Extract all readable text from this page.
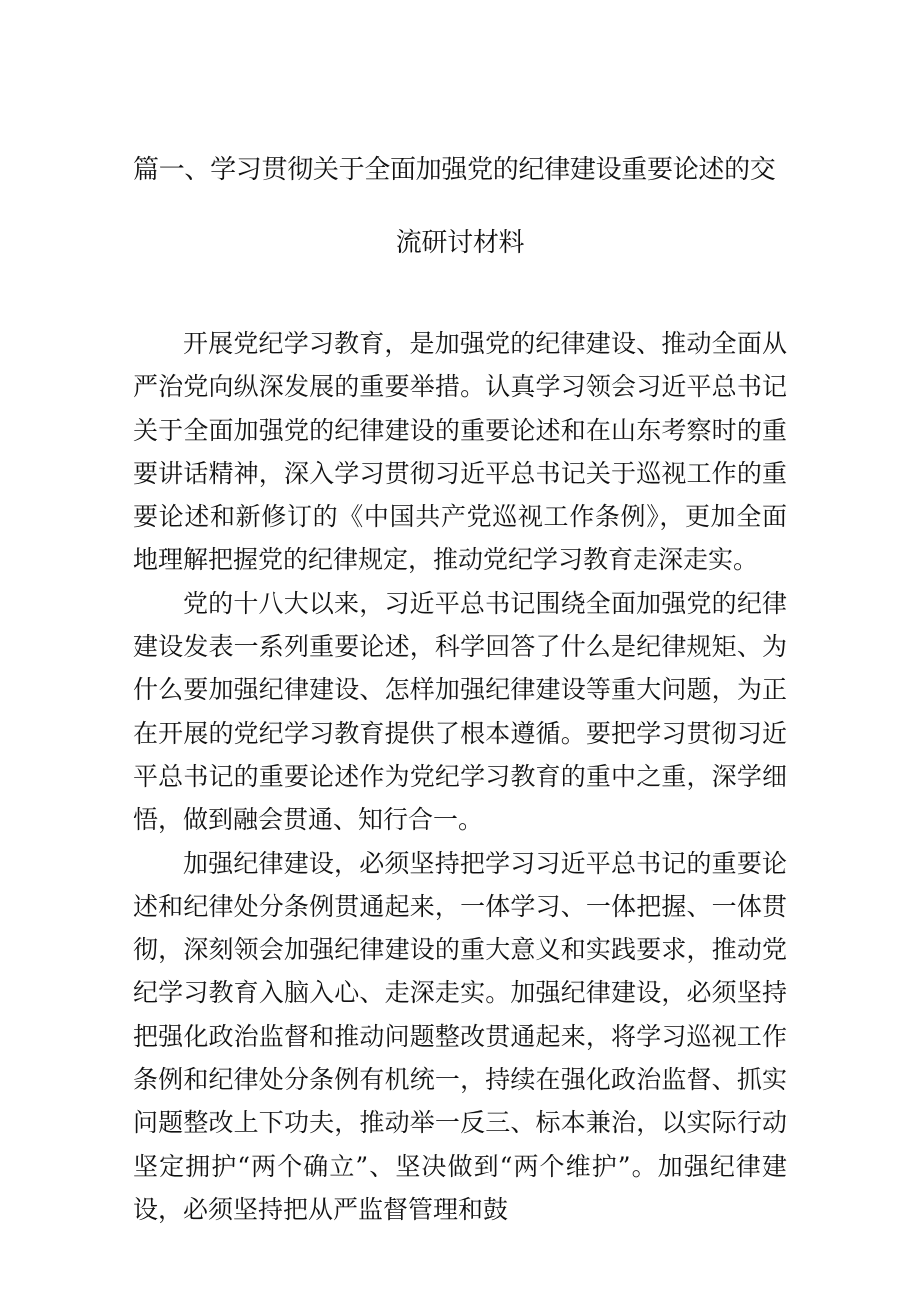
篇一、学习贯彻关于全面加强党的纪律建设重要论述的交
流研讨材料

开展党纪学习教育，是加强党的纪律建设、推动全面从严治党向纵深发展的重要举措。认真学习领会习近平总书记关于全面加强党的纪律建设的重要论述和在山东考察时的重要讲话精神，深入学习贯彻习近平总书记关于巡视工作的重要论述和新修订的《中国共产党巡视工作条例》，更加全面地理解把握党的纪律规定，推动党纪学习教育走深走实。

党的十八大以来，习近平总书记围绕全面加强党的纪律建设发表一系列重要论述，科学回答了什么是纪律规矩、为什么要加强纪律建设、怎样加强纪律建设等重大问题，为正在开展的党纪学习教育提供了根本遵循。要把学习贯彻习近平总书记的重要论述作为党纪学习教育的重中之重，深学细悟，做到融会贯通、知行合一。

加强纪律建设，必须坚持把学习习近平总书记的重要论述和纪律处分条例贯通起来，一体学习、一体把握、一体贯彻，深刻领会加强纪律建设的重大意义和实践要求，推动党纪学习教育入脑入心、走深走实。加强纪律建设，必须坚持把强化政治监督和推动问题整改贯通起来，将学习巡视工作条例和纪律处分条例有机统一，持续在强化政治监督、抓实问题整改上下功夫，推动举一反三、标本兼治，以实际行动坚定拥护“两个确立”、坚决做到“两个维护”。加强纪律建设，必须坚持把从严监督管理和鼓
